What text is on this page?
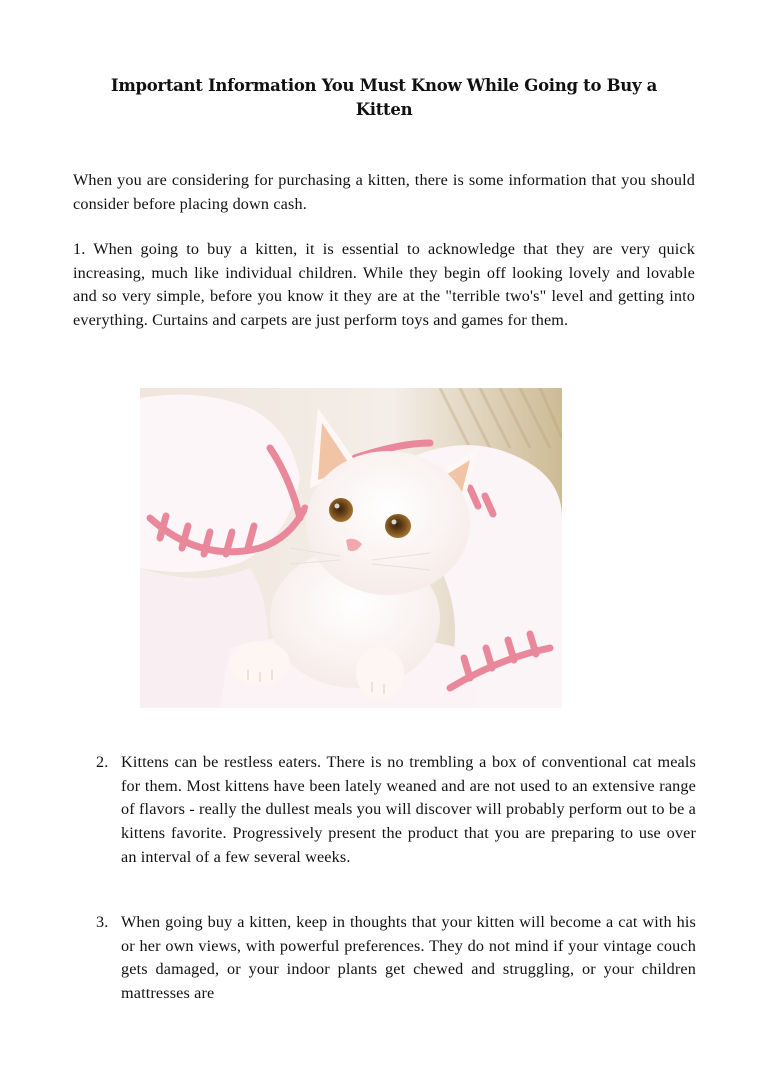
Important Information You Must Know While Going to Buy a Kitten
When you are considering for purchasing a kitten, there is some information that you should consider before placing down cash.
1. When going to buy a kitten, it is essential to acknowledge that they are very quick increasing, much like individual children. While they begin off looking lovely and lovable and so very simple, before you know it they are at the "terrible two's" level and getting into everything. Curtains and carpets are just perform toys and games for them.
2. Kittens can be restless eaters. There is no trembling a box of conventional cat meals for them. Most kittens have been lately weaned and are not used to an extensive range of flavors - really the dullest meals you will discover will probably perform out to be a kittens favorite. Progressively present the product that you are preparing to use over an interval of a few several weeks.
3. When going buy a kitten, keep in thoughts that your kitten will become a cat with his or her own views, with powerful preferences. They do not mind if your vintage couch gets damaged, or your indoor plants get chewed and struggling, or your children mattresses are
